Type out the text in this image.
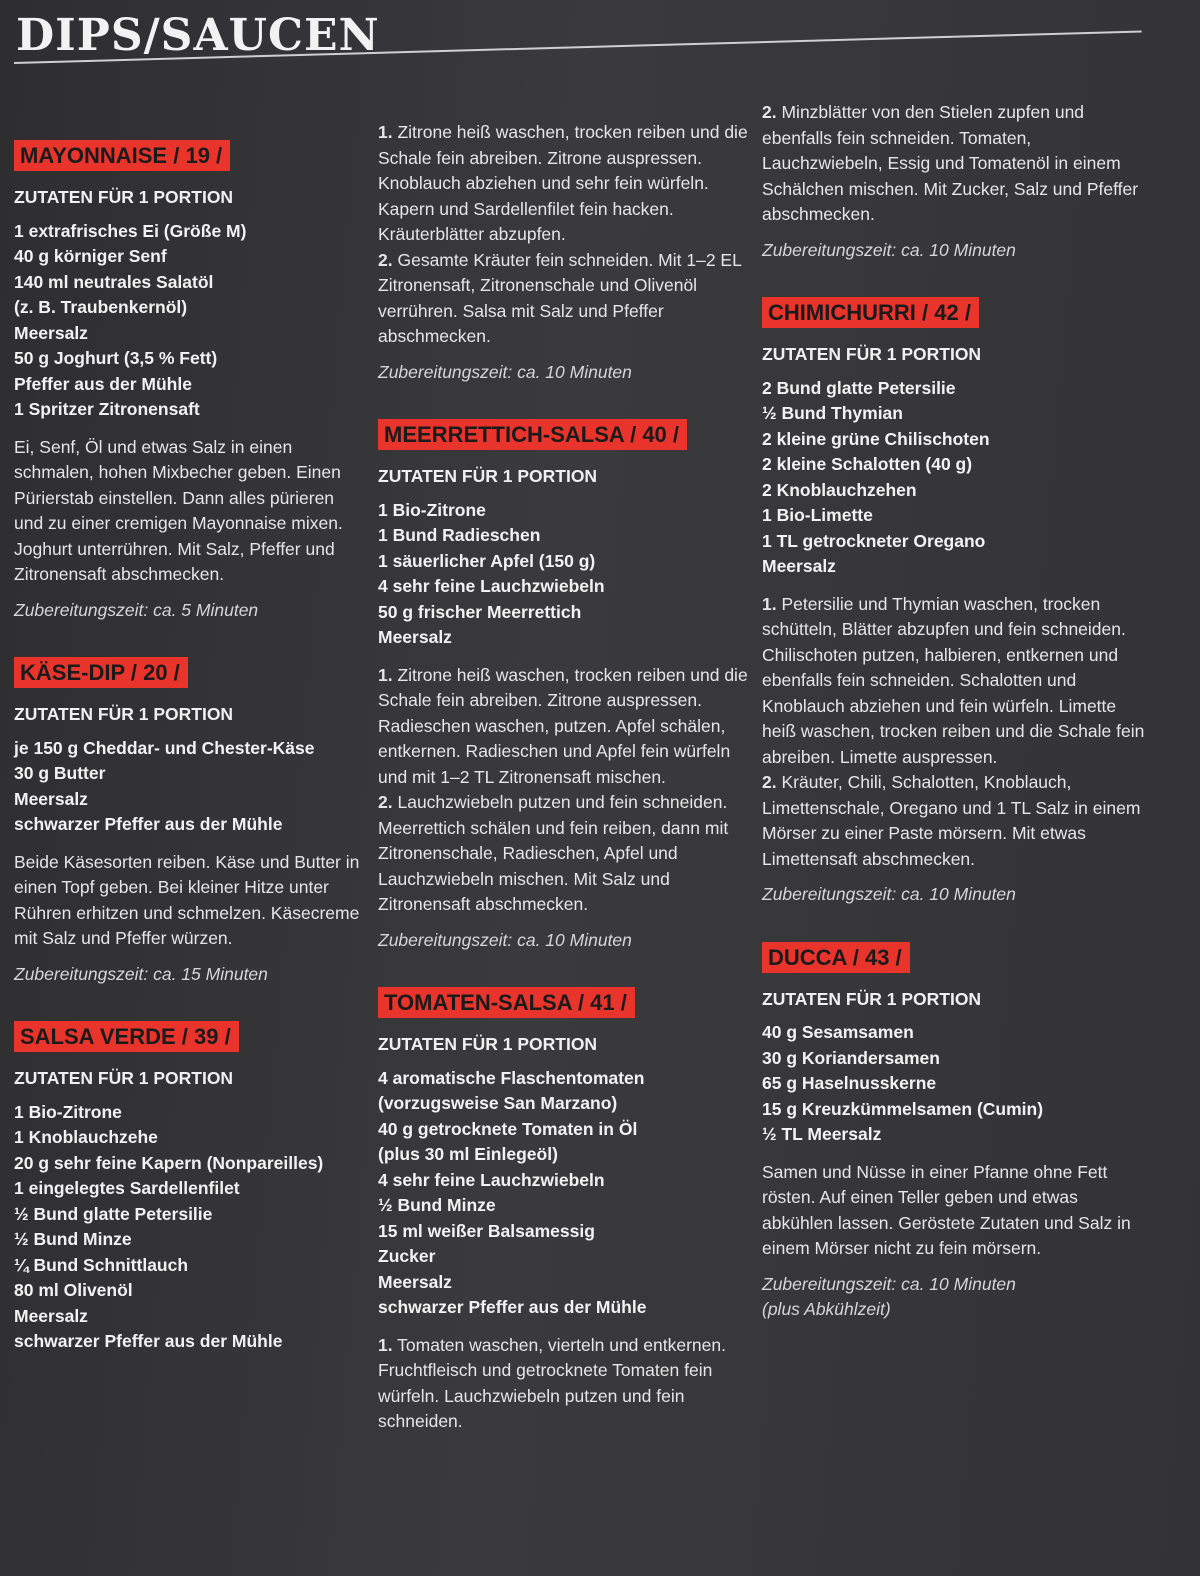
DIPS/SAUCEN
MAYONNAISE / 19 /
ZUTATEN FÜR 1 PORTION
1 extrafrisches Ei (Größe M)
40 g körniger Senf
140 ml neutrales Salatöl
(z. B. Traubenkernöl)
Meersalz
50 g Joghurt (3,5 % Fett)
Pfeffer aus der Mühle
1 Spritzer Zitronensaft

Ei, Senf, Öl und etwas Salz in einen schmalen, hohen Mixbecher geben. Einen Pürierstab einstellen. Dann alles pürieren und zu einer cremigen Mayonnaise mixen. Joghurt unterrühren. Mit Salz, Pfeffer und Zitronensaft abschmecken.

Zubereitungszeit: ca. 5 Minuten
KÄSE-DIP / 20 /
ZUTATEN FÜR 1 PORTION
je 150 g Cheddar- und Chester-Käse
30 g Butter
Meersalz
schwarzer Pfeffer aus der Mühle

Beide Käsesorten reiben. Käse und Butter in einen Topf geben. Bei kleiner Hitze unter Rühren erhitzen und schmelzen. Käsecreme mit Salz und Pfeffer würzen.

Zubereitungszeit: ca. 15 Minuten
SALSA VERDE / 39 /
ZUTATEN FÜR 1 PORTION
1 Bio-Zitrone
1 Knoblauchzehe
20 g sehr feine Kapern (Nonpareilles)
1 eingelegtes Sardellenfilet
½ Bund glatte Petersilie
½ Bund Minze
¼ Bund Schnittlauch
80 ml Olivenöl
Meersalz
schwarzer Pfeffer aus der Mühle

1. Zitrone heiß waschen, trocken reiben und die Schale fein abreiben. Zitrone auspressen. Knoblauch abziehen und sehr fein würfeln. Kapern und Sardellenfilet fein hacken. Kräuterblätter abzupfen.

2. Gesamte Kräuter fein schneiden. Mit 1–2 EL Zitronensaft, Zitronenschale und Olivenöl verrühren. Salsa mit Salz und Pfeffer abschmecken.

Zubereitungszeit: ca. 10 Minuten
MEERRETTICH-SALSA / 40 /
ZUTATEN FÜR 1 PORTION
1 Bio-Zitrone
1 Bund Radieschen
1 säuerlicher Apfel (150 g)
4 sehr feine Lauchzwiebeln
50 g frischer Meerrettich
Meersalz

1. Zitrone heiß waschen, trocken reiben und die Schale fein abreiben. Zitrone auspressen. Radieschen waschen, putzen. Apfel schälen, entkernen. Radieschen und Apfel fein würfeln und mit 1–2 TL Zitronensaft mischen.

2. Lauchzwiebeln putzen und fein schneiden. Meerrettich schälen und fein reiben, dann mit Zitronenschale, Radieschen, Apfel und Lauchzwiebeln mischen. Mit Salz und Zitronensaft abschmecken.

Zubereitungszeit: ca. 10 Minuten
TOMATEN-SALSA / 41 /
ZUTATEN FÜR 1 PORTION
4 aromatische Flaschentomaten
(vorzugsweise San Marzano)
40 g getrocknete Tomaten in Öl
(plus 30 ml Einlegeöl)
4 sehr feine Lauchzwiebeln
½ Bund Minze
15 ml weißer Balsamessig
Zucker
Meersalz
schwarzer Pfeffer aus der Mühle

1. Tomaten waschen, vierteln und entkernen. Fruchtfleisch und getrocknete Tomaten fein würfeln. Lauchzwiebeln putzen und fein schneiden.

2. Minzblätter von den Stielen zupfen und ebenfalls fein schneiden. Tomaten, Lauchzwiebeln, Essig und Tomatenöl in einem Schälchen mischen. Mit Zucker, Salz und Pfeffer abschmecken.

Zubereitungszeit: ca. 10 Minuten
CHIMICHURRI / 42 /
ZUTATEN FÜR 1 PORTION
2 Bund glatte Petersilie
½ Bund Thymian
2 kleine grüne Chilischoten
2 kleine Schalotten (40 g)
2 Knoblauchzehen
1 Bio-Limette
1 TL getrockneter Oregano
Meersalz

1. Petersilie und Thymian waschen, trocken schütteln, Blätter abzupfen und fein schneiden. Chilischoten putzen, halbieren, entkernen und ebenfalls fein schneiden. Schalotten und Knoblauch abziehen und fein würfeln. Limette heiß waschen, trocken reiben und die Schale fein abreiben. Limette auspressen.

2. Kräuter, Chili, Schalotten, Knoblauch, Limettenschale, Oregano und 1 TL Salz in einem Mörser zu einer Paste mörsern. Mit etwas Limettensaft abschmecken.

Zubereitungszeit: ca. 10 Minuten
DUCCA / 43 /
ZUTATEN FÜR 1 PORTION
40 g Sesamsamen
30 g Koriandersamen
65 g Haselnusskerne
15 g Kreuzkümmelsamen (Cumin)
½ TL Meersalz

Samen und Nüsse in einer Pfanne ohne Fett rösten. Auf einen Teller geben und etwas abkühlen lassen. Geröstete Zutaten und Salz in einem Mörser nicht zu fein mörsern.

Zubereitungszeit: ca. 10 Minuten
(plus Abkühlzeit)
